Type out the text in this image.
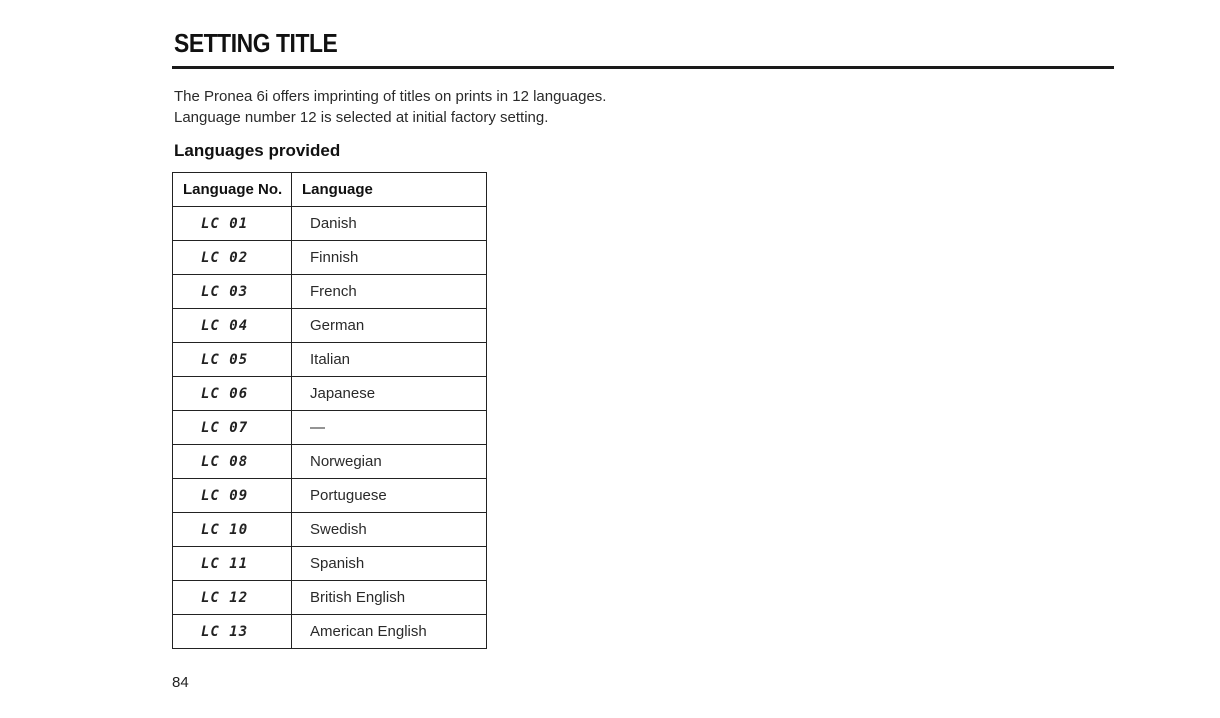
SETTING TITLE

The Pronea 6i offers imprinting of titles on prints in 12 languages.

Language number 12 is selected at initial factory setting.

Languages provided
Language No.	Language
LC 01	Danish
LC 02	Finnish
LC 03	French
LC 04	German
LC 05	Italian
LC 06	Japanese
LC 07	—
LC 08	Norwegian
LC 09	Portuguese
LC 10	Swedish
LC 11	Spanish
LC 12	British English
LC 13	American English

84
